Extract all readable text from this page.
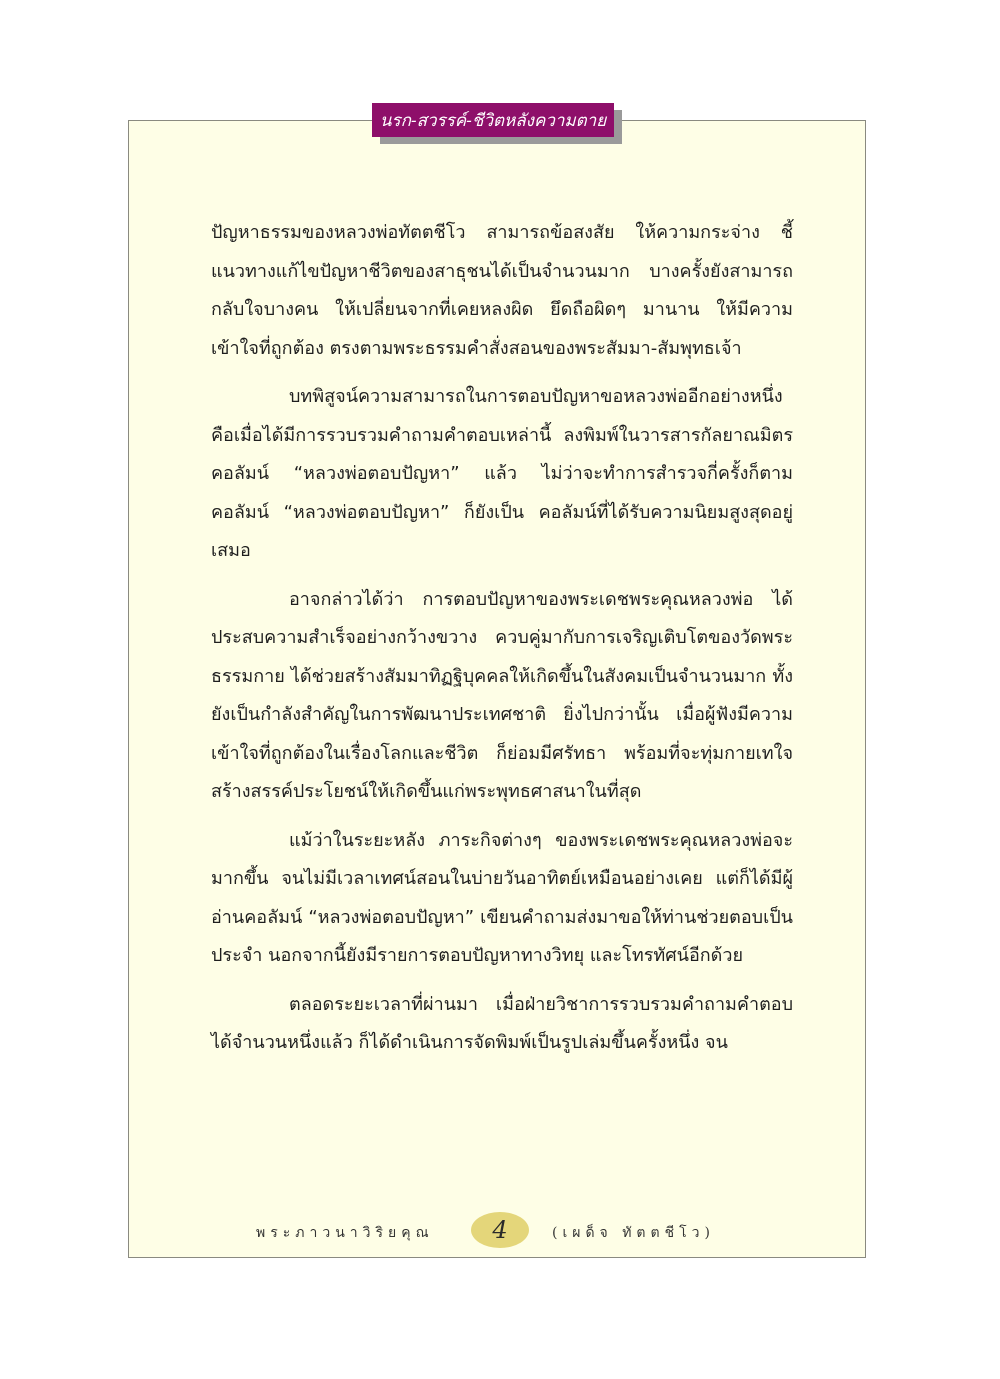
นรก-สวรรค์-ชีวิตหลังความตาย

ปัญหาธรรมของหลวงพ่อทัตตชีโว สามารถข้อสงสัย ให้ความกระจ่าง ชี้แนวทางแก้ไขปัญหาชีวิตของสาธุชนได้เป็นจำนวนมาก บางครั้งยังสามารถกลับใจบางคน ให้เปลี่ยนจากที่เคยหลงผิด ยึดถือผิดๆ มานาน ให้มีความเข้าใจที่ถูกต้อง ตรงตามพระธรรมคำสั่งสอนของพระสัมมา-สัมพุทธเจ้า

บทพิสูจน์ความสามารถในการตอบปัญหาขอหลวงพ่ออีกอย่างหนึ่ง คือเมื่อได้มีการรวบรวมคำถามคำตอบเหล่านี้ ลงพิมพ์ในวารสารกัลยาณมิตร คอลัมน์ “หลวงพ่อตอบปัญหา” แล้ว ไม่ว่าจะทำการสำรวจกี่ครั้งก็ตาม คอลัมน์ “หลวงพ่อตอบปัญหา” ก็ยังเป็น คอลัมน์ที่ได้รับความนิยมสูงสุดอยู่เสมอ

อาจกล่าวได้ว่า การตอบปัญหาของพระเดชพระคุณหลวงพ่อ ได้ประสบความสำเร็จอย่างกว้างขวาง ควบคู่มากับการเจริญเติบโตของวัดพระธรรมกาย ได้ช่วยสร้างสัมมาทิฏฐิบุคคลให้เกิดขึ้นในสังคมเป็นจำนวนมาก ทั้งยังเป็นกำลังสำคัญในการพัฒนาประเทศชาติ ยิ่งไปกว่านั้น เมื่อผู้ฟังมีความเข้าใจที่ถูกต้องในเรื่องโลกและชีวิต ก็ย่อมมีศรัทธา พร้อมที่จะทุ่มกายเทใจ สร้างสรรค์ประโยชน์ให้เกิดขึ้นแก่พระพุทธศาสนาในที่สุด

แม้ว่าในระยะหลัง ภาระกิจต่างๆ ของพระเดชพระคุณหลวงพ่อจะมากขึ้น จนไม่มีเวลาเทศน์สอนในบ่ายวันอาทิตย์เหมือนอย่างเคย แต่ก็ได้มีผู้อ่านคอลัมน์ “หลวงพ่อตอบปัญหา” เขียนคำถามส่งมาขอให้ท่านช่วยตอบเป็นประจำ นอกจากนี้ยังมีรายการตอบปัญหาทางวิทยุ และโทรทัศน์อีกด้วย

ตลอดระยะเวลาที่ผ่านมา เมื่อฝ่ายวิชาการรวบรวมคำถามคำตอบได้จำนวนหนึ่งแล้ว ก็ได้ดำเนินการจัดพิมพ์เป็นรูปเล่มขึ้นครั้งหนึ่ง จน

พระภาวนาวิริยคุณ 4	(เผด็จ ทัตตชีโว)
